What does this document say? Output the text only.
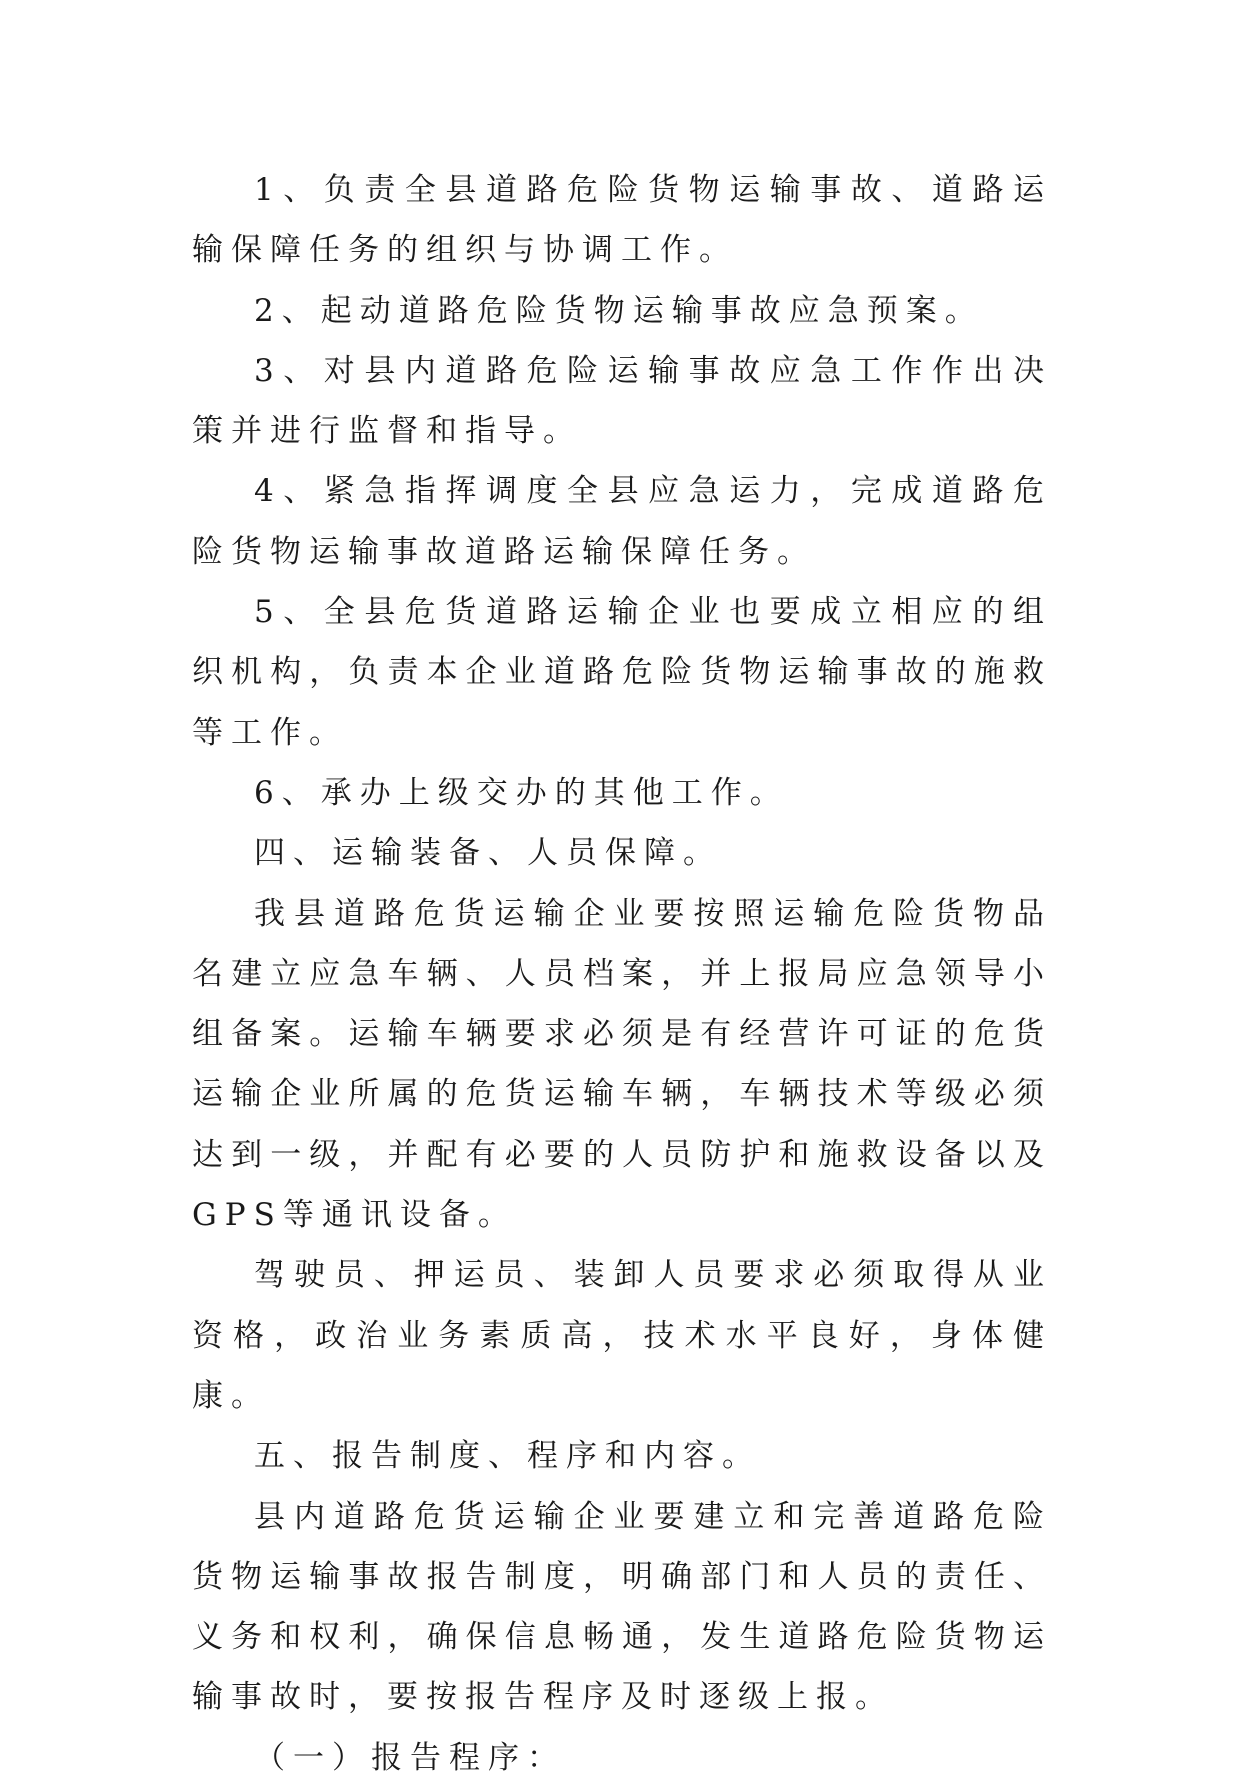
1、负责全县道路危险货物运输事故、道路运输保障任务的组织与协调工作。

2、起动道路危险货物运输事故应急预案。

3、对县内道路危险运输事故应急工作作出决策并进行监督和指导。

4、紧急指挥调度全县应急运力，完成道路危险货物运输事故道路运输保障任务。

5、全县危货道路运输企业也要成立相应的组织机构，负责本企业道路危险货物运输事故的施救等工作。

6、承办上级交办的其他工作。

四、运输装备、人员保障。

我县道路危货运输企业要按照运输危险货物品名建立应急车辆、人员档案，并上报局应急领导小组备案。运输车辆要求必须是有经营许可证的危货运输企业所属的危货运输车辆，车辆技术等级必须达到一级，并配有必要的人员防护和施救设备以及GPS等通讯设备。

驾驶员、押运员、装卸人员要求必须取得从业资格，政治业务素质高，技术水平良好，身体健康。

五、报告制度、程序和内容。

县内道路危货运输企业要建立和完善道路危险货物运输事故报告制度，明确部门和人员的责任、义务和权利，确保信息畅通，发生道路危险货物运输事故时，要按报告程序及时逐级上报。

（一）报告程序：
